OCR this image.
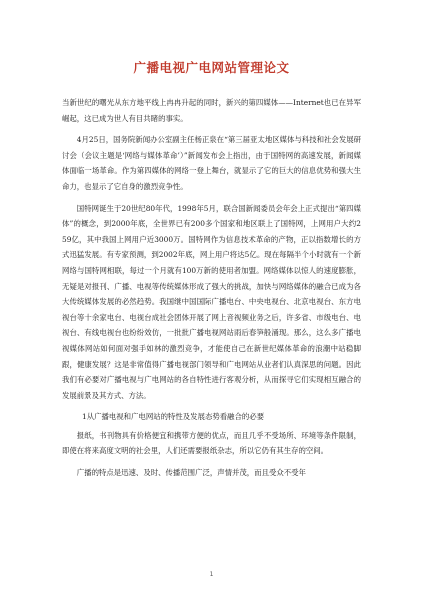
广播电视广电网站管理论文

当新世纪的曙光从东方地平线上冉冉升起的同时，新兴的第四媒体——Internet也已在异军崛起，这已成为世人有目共睹的事实。

4月25日，国务院新闻办公室副主任杨正泉在“第三届亚太地区媒体与科技和社会发展研讨会（会议主题是‘网络与媒体革命’）”新闻发布会上指出，由于国特网的高速发展，新闻媒体面临一场革命。作为第四媒体的网络一登上舞台，就显示了它的巨大的信息优势和强大生命力，也显示了它自身的激烈竞争性。

国特网诞生于20世纪80年代，1998年5月，联合国新闻委员会年会上正式提出“第四媒体”的概念，到2000年底，全世界已有200多个国家和地区联上了国特网，上网用户大约2　59亿，其中我国上网用户近3000万。国特网作为信息技术革命的产物，正以指数增长的方式迅猛发展。有专家预测，到2002年底，网上用户将达5亿。现在每隔半个小时就有一个新网络与国特网相联，每过一个月就有100万新的使用者加盟。网络媒体以惊人的速度膨胀，无疑是对报刊、广播、电视等传统媒体形成了强大的挑战，加快与网络媒体的融合已成为各大传统媒体发展的必然趋势。我国继中国国际广播电台、中央电视台、北京电视台、东方电视台等十余家电台、电视台成社会团体开展了网上音视频业务之后，许多省、市级电台、电视台、有线电视台也纷纷效仿，一批批广播电视网站雨后春笋般涌现。那么，这么多广播电视媒体网站如何面对强手如林的激烈竞争，才能使自己在新世纪媒体革命的浪潮中站稳脚跟，健康发展？这是非常值得广播电视部门领导和广电网站从业者们认真深思的问题。因此我们有必要对广播电视与广电网站的各自特性进行客观分析，从而探寻它们实现相互融合的发展前景及其方式、方法。

1从广播电视和广电网站的特性及发展态势看融合的必要

报纸，书刊物具有价格便宜和携带方便的优点，而且几乎不受场所、环境等条件限制，即使在将来高度文明的社会里，人们还需要报纸杂志，所以它仍有其生存的空间。

广播的特点是迅速、及时、传播范围广泛，声情并茂，而且受众不受年

1
